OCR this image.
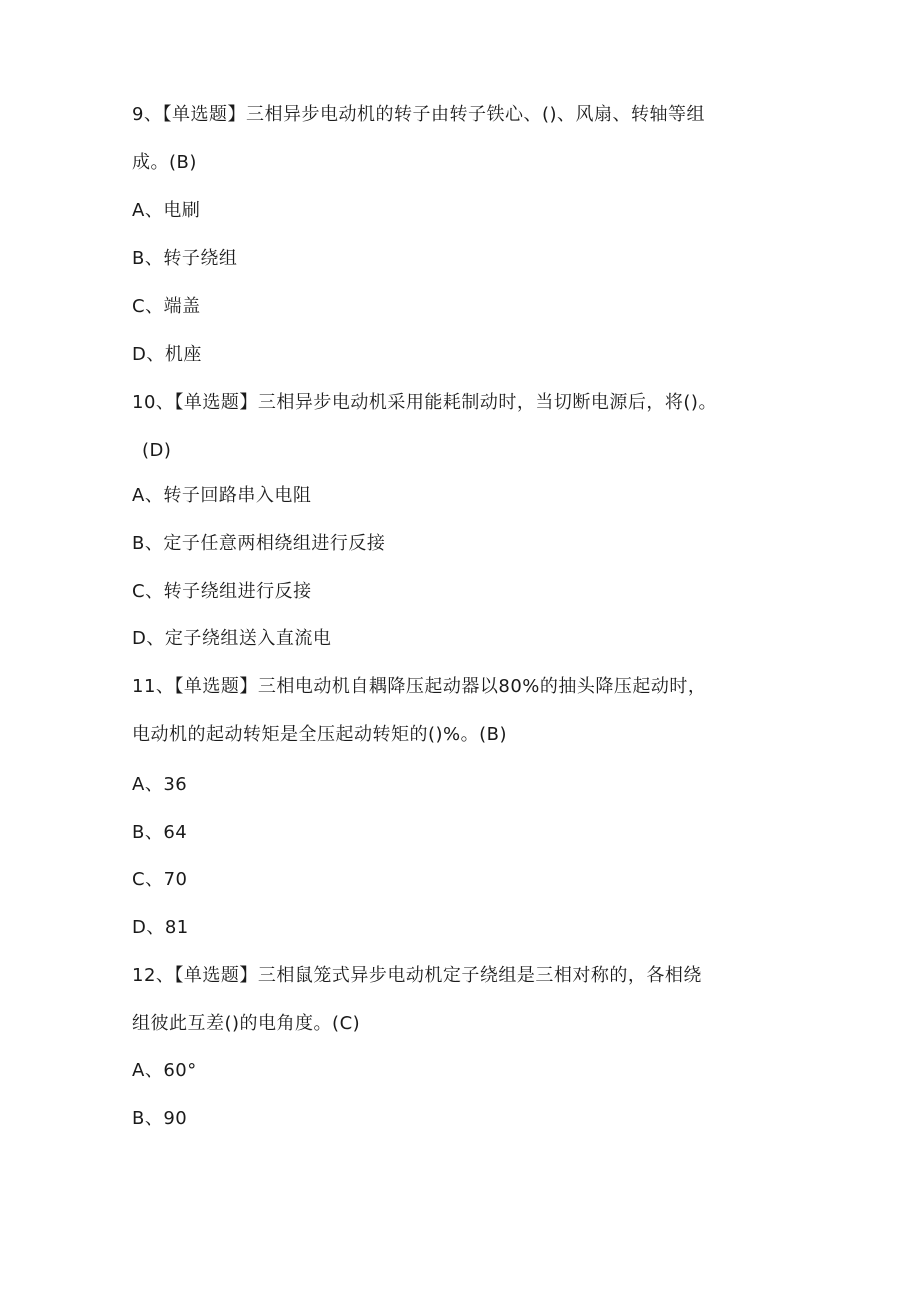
9、【单选题】三相异步电动机的转子由转子铁心、()、风扇、转轴等组
成。(B)
A、电刷
B、转子绕组
C、端盖
D、机座
10、【单选题】三相异步电动机采用能耗制动时，当切断电源后，将()。
(D)
A、转子回路串入电阻
B、定子任意两相绕组进行反接
C、转子绕组进行反接
D、定子绕组送入直流电
11、【单选题】三相电动机自耦降压起动器以80%的抽头降压起动时，
电动机的起动转矩是全压起动转矩的()%。(B)
A、36
B、64
C、70
D、81
12、【单选题】三相鼠笼式异步电动机定子绕组是三相对称的，各相绕
组彼此互差()的电角度。(C)
A、60°
B、90
